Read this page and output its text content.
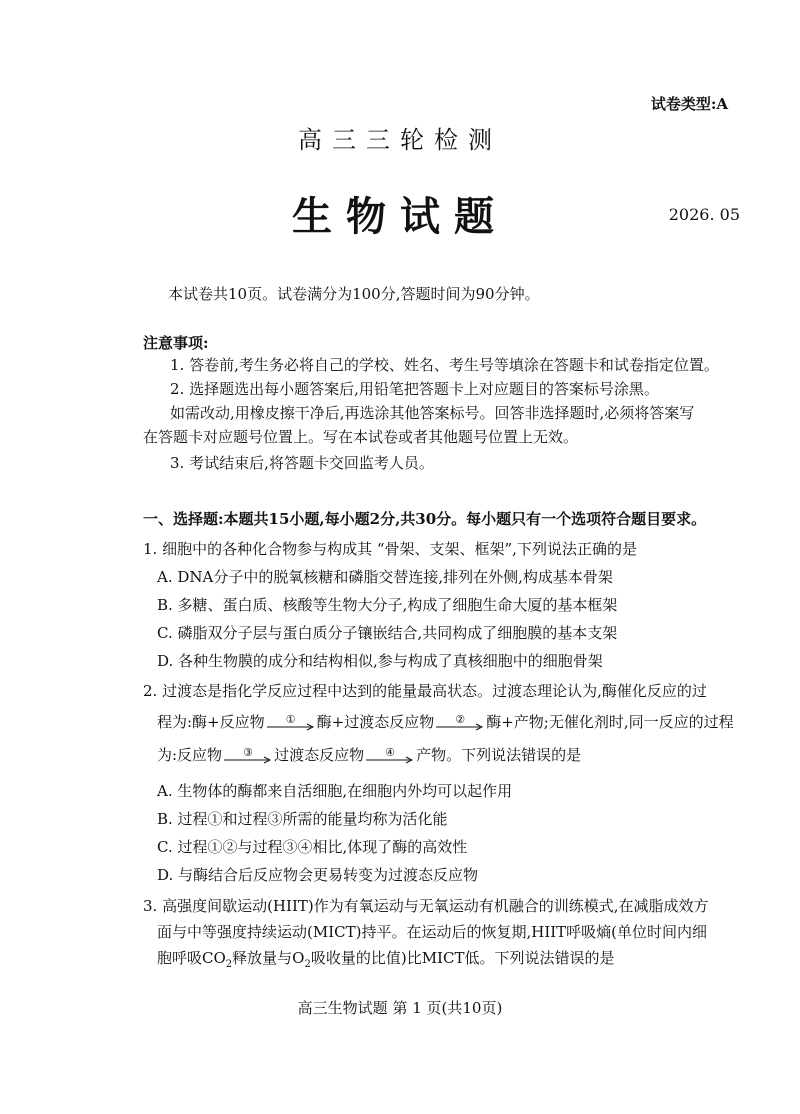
试卷类型:A
高三三轮检测
生物试题	2026. 05
本试卷共10页。试卷满分为100分,答题时间为90分钟。
注意事项:
1. 答卷前,考生务必将自己的学校、姓名、考生号等填涂在答题卡和试卷指定位置。
2. 选择题选出每小题答案后,用铅笔把答题卡上对应题目的答案标号涂黑。
如需改动,用橡皮擦干净后,再选涂其他答案标号。回答非选择题时,必须将答案写
在答题卡对应题号位置上。写在本试卷或者其他题号位置上无效。
3. 考试结束后,将答题卡交回监考人员。
一、选择题:本题共15小题,每小题2分,共30分。每小题只有一个选项符合题目要求。
1. 细胞中的各种化合物参与构成其 “骨架、支架、框架”,下列说法正确的是
A. DNA分子中的脱氧核糖和磷脂交替连接,排列在外侧,构成基本骨架
B. 多糖、蛋白质、核酸等生物大分子,构成了细胞生命大厦的基本框架
C. 磷脂双分子层与蛋白质分子镶嵌结合,共同构成了细胞膜的基本支架
D. 各种生物膜的成分和结构相似,参与构成了真核细胞中的细胞骨架
2. 过渡态是指化学反应过程中达到的能量最高状态。过渡态理论认为,酶催化反应的过
程为:酶+反应物	①	酶+过渡态反应物	②	酶+产物;无催化剂时,同一反应的过程
为:反应物	③	过渡态反应物	④	产物。下列说法错误的是
A. 生物体的酶都来自活细胞,在细胞内外均可以起作用
B. 过程①和过程③所需的能量均称为活化能
C. 过程①②与过程③④相比,体现了酶的高效性
D. 与酶结合后反应物会更易转变为过渡态反应物
3. 高强度间歇运动(HIIT)作为有氧运动与无氧运动有机融合的训练模式,在减脂成效方
面与中等强度持续运动(MICT)持平。在运动后的恢复期,HIIT呼吸熵(单位时间内细
胞呼吸$CO_2$释放量与$O_2$吸收量的比值)比MICT低。下列说法错误的是
高三生物试题 第 1 页(共10页)
